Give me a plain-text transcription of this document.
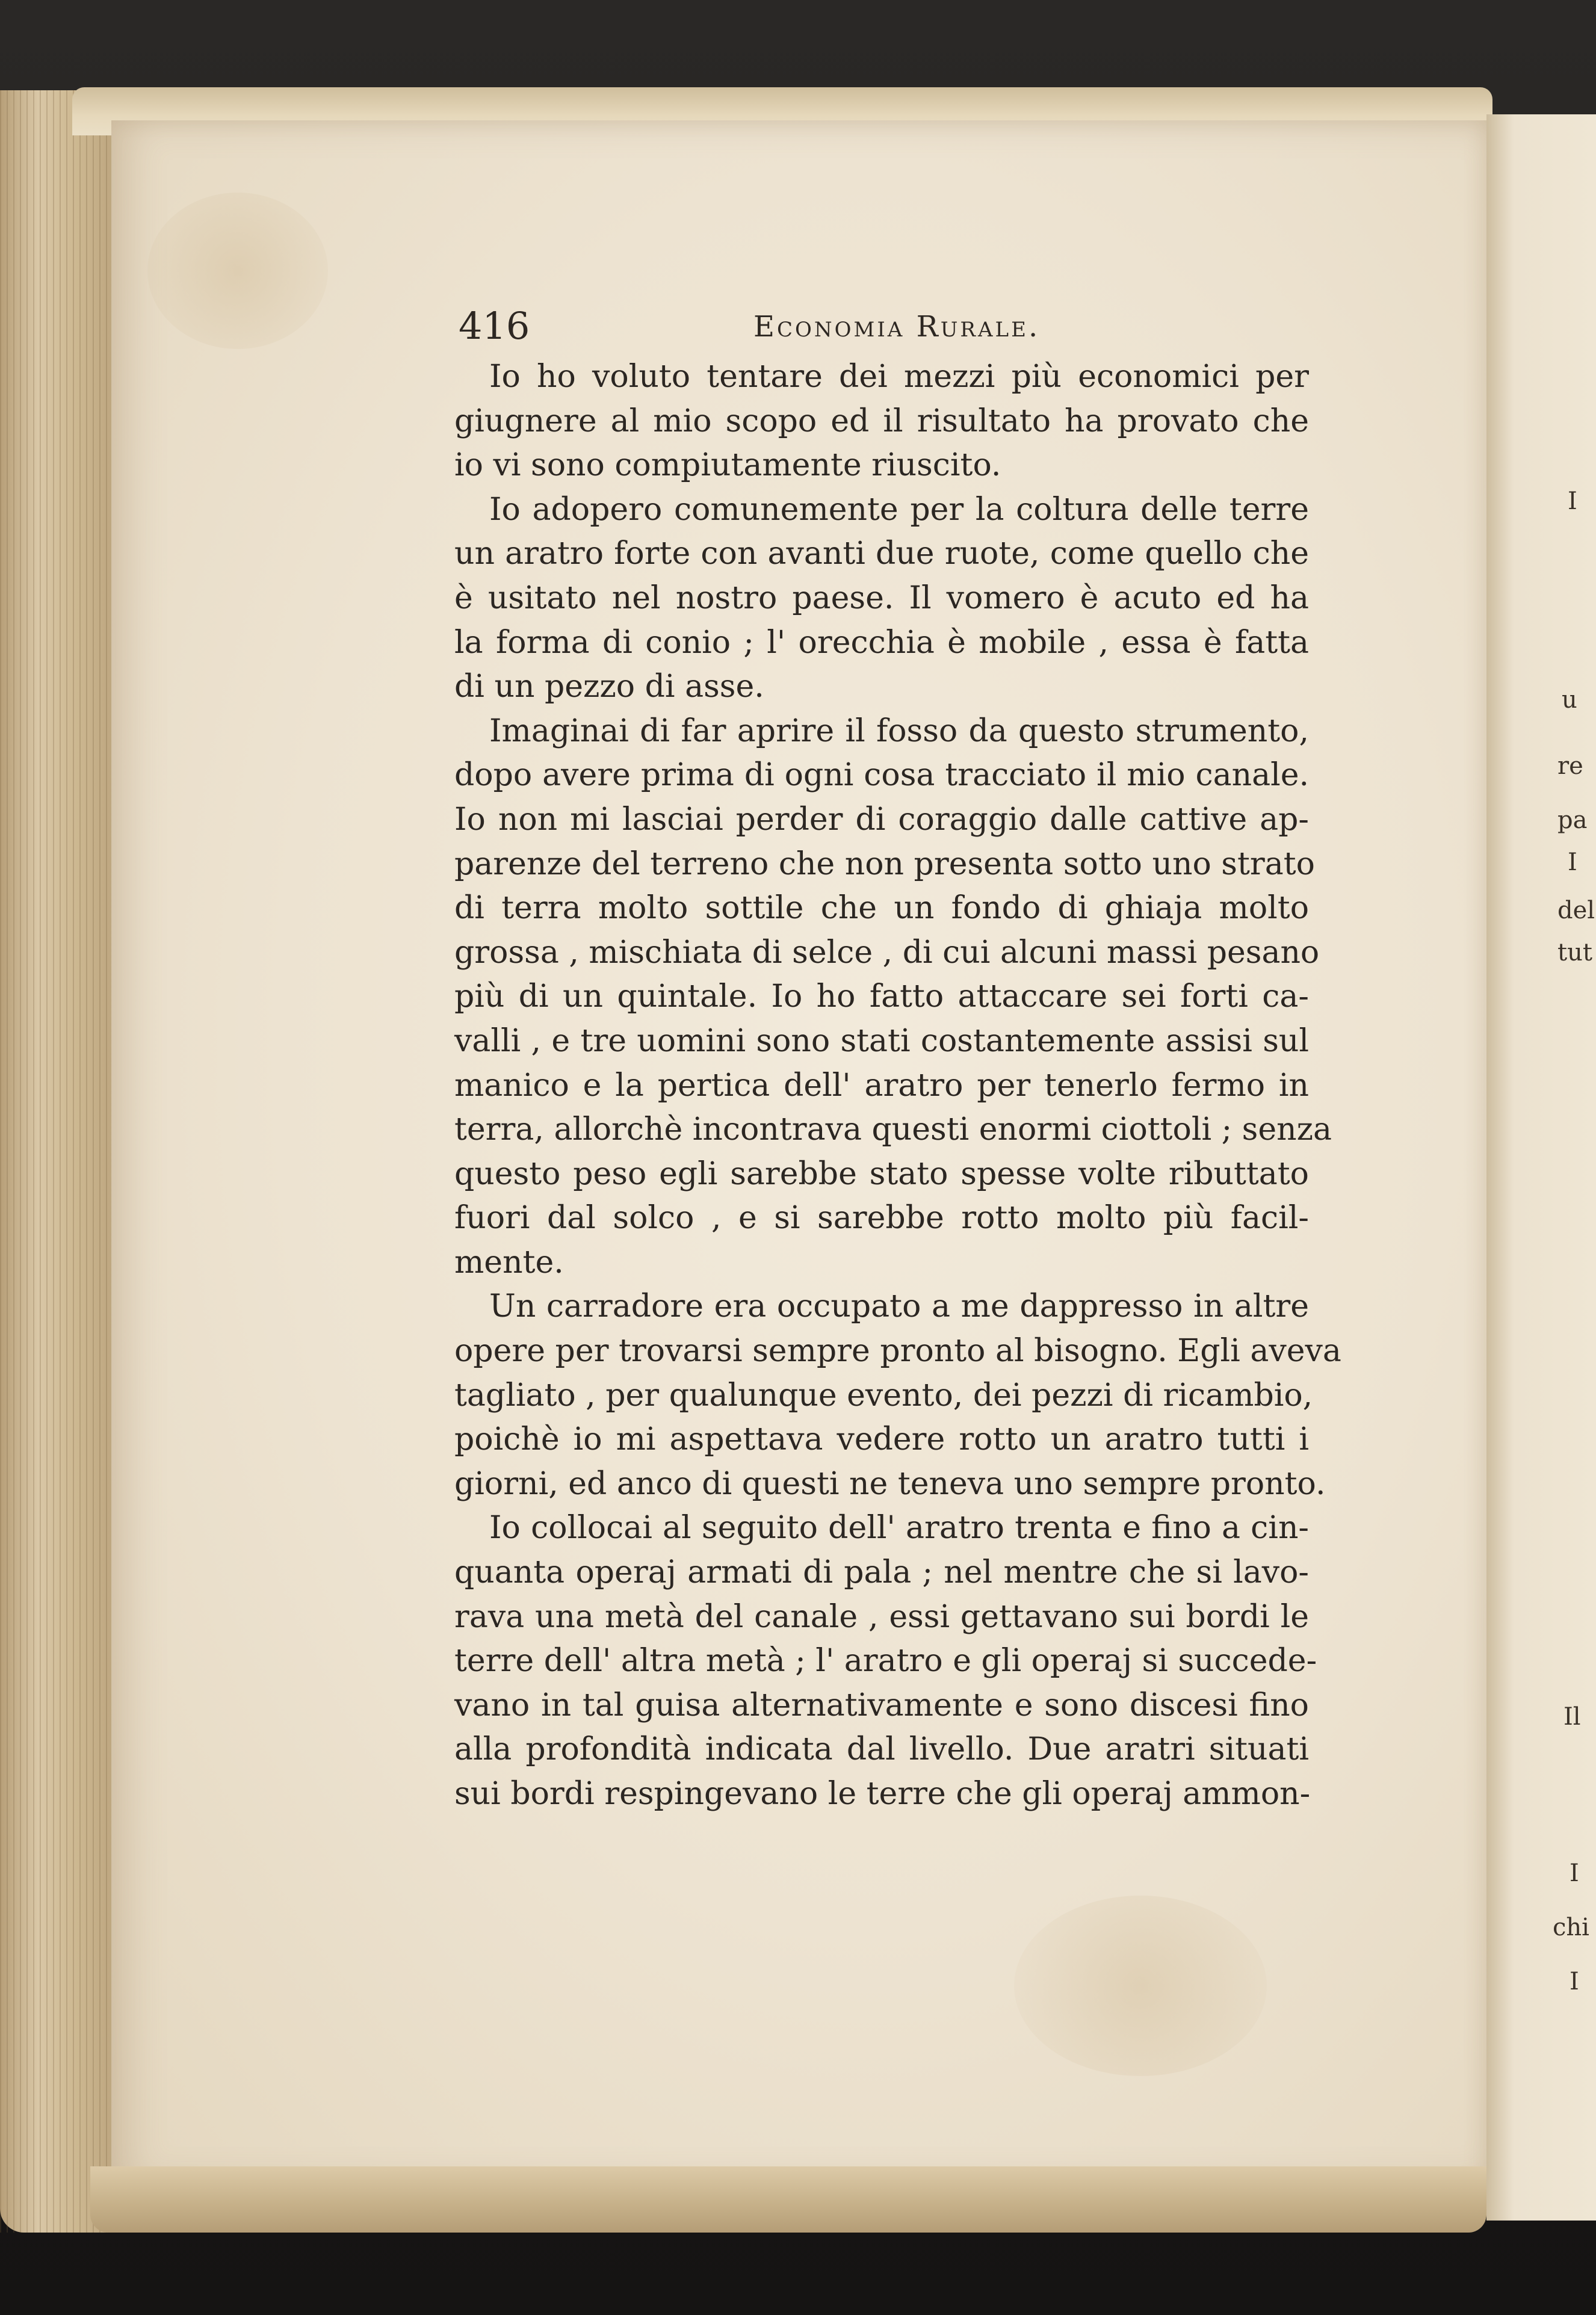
I
u
re
pa
I
del
tut
Il
I
chi
I
416	Economia Rurale.
Io ho voluto tentare dei mezzi più economici per
giugnere al mio scopo ed il risultato ha provato che
io vi sono compiutamente riuscito.
Io adopero comunemente per la coltura delle terre
un aratro forte con avanti due ruote, come quello che
è usitato nel nostro paese. Il vomero è acuto ed ha
la forma di conio ; l' orecchia è mobile , essa è fatta
di un pezzo di asse.
Imaginai di far aprire il fosso da questo strumento,
dopo avere prima di ogni cosa tracciato il mio canale.
Io non mi lasciai perder di coraggio dalle cattive ap-
parenze del terreno che non presenta sotto uno strato
di terra molto sottile che un fondo di ghiaja molto
grossa , mischiata di selce , di cui alcuni massi pesano
più di un quintale. Io ho fatto attaccare sei forti ca-
valli , e tre uomini sono stati costantemente assisi sul
manico e la pertica dell' aratro per tenerlo fermo in
terra, allorchè incontrava questi enormi ciottoli ; senza
questo peso egli sarebbe stato spesse volte ributtato
fuori dal solco , e si sarebbe rotto molto più facil-
mente.
Un carradore era occupato a me dappresso in altre
opere per trovarsi sempre pronto al bisogno. Egli aveva
tagliato , per qualunque evento, dei pezzi di ricambio,
poichè io mi aspettava vedere rotto un aratro tutti i
giorni, ed anco di questi ne teneva uno sempre pronto.
Io collocai al seguito dell' aratro trenta e fino a cin-
quanta operaj armati di pala ; nel mentre che si lavo-
rava una metà del canale , essi gettavano sui bordi le
terre dell' altra metà ; l' aratro e gli operaj si succede-
vano in tal guisa alternativamente e sono discesi fino
alla profondità indicata dal livello. Due aratri situati
sui bordi respingevano le terre che gli operaj ammon-
